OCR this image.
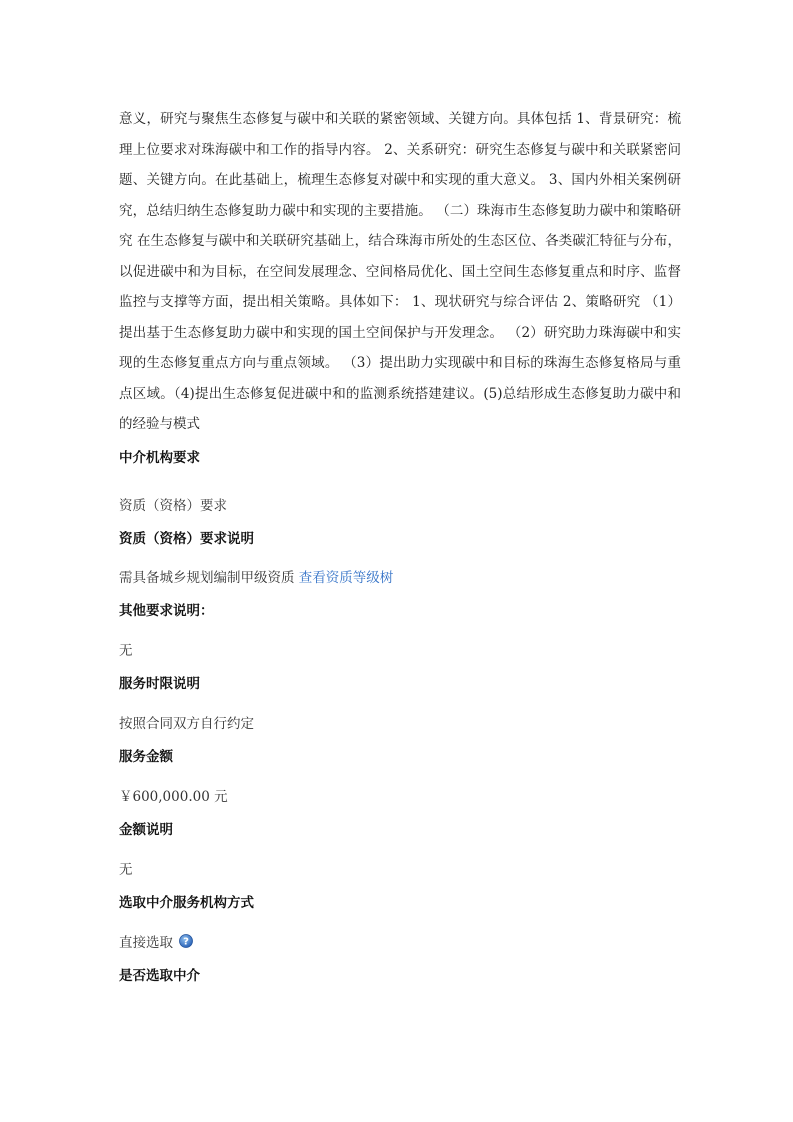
意义，研究与聚焦生态修复与碳中和关联的紧密领域、关键方向。具体包括 1、背景研究：梳理上位要求对珠海碳中和工作的指导内容。 2、关系研究：研究生态修复与碳中和关联紧密问题、关键方向。在此基础上，梳理生态修复对碳中和实现的重大意义。 3、国内外相关案例研究，总结归纳生态修复助力碳中和实现的主要措施。 （二）珠海市生态修复助力碳中和策略研究 在生态修复与碳中和关联研究基础上，结合珠海市所处的生态区位、各类碳汇特征与分布，以促进碳中和为目标，在空间发展理念、空间格局优化、国土空间生态修复重点和时序、监督监控与支撑等方面，提出相关策略。具体如下： 1、现状研究与综合评估 2、策略研究 （1）提出基于生态修复助力碳中和实现的国土空间保护与开发理念。 （2）研究助力珠海碳中和实现的生态修复重点方向与重点领域。 （3）提出助力实现碳中和目标的珠海生态修复格局与重点区域。（4)提出生态修复促进碳中和的监测系统搭建建议。(5)总结形成生态修复助力碳中和的经验与模式

中介机构要求

资质（资格）要求

资质（资格）要求说明

需具备城乡规划编制甲级资质 查看资质等级树

其他要求说明：

无

服务时限说明

按照合同双方自行约定

服务金额

￥600,000.00 元

金额说明

无

选取中介服务机构方式

直接选取 ?

是否选取中介
